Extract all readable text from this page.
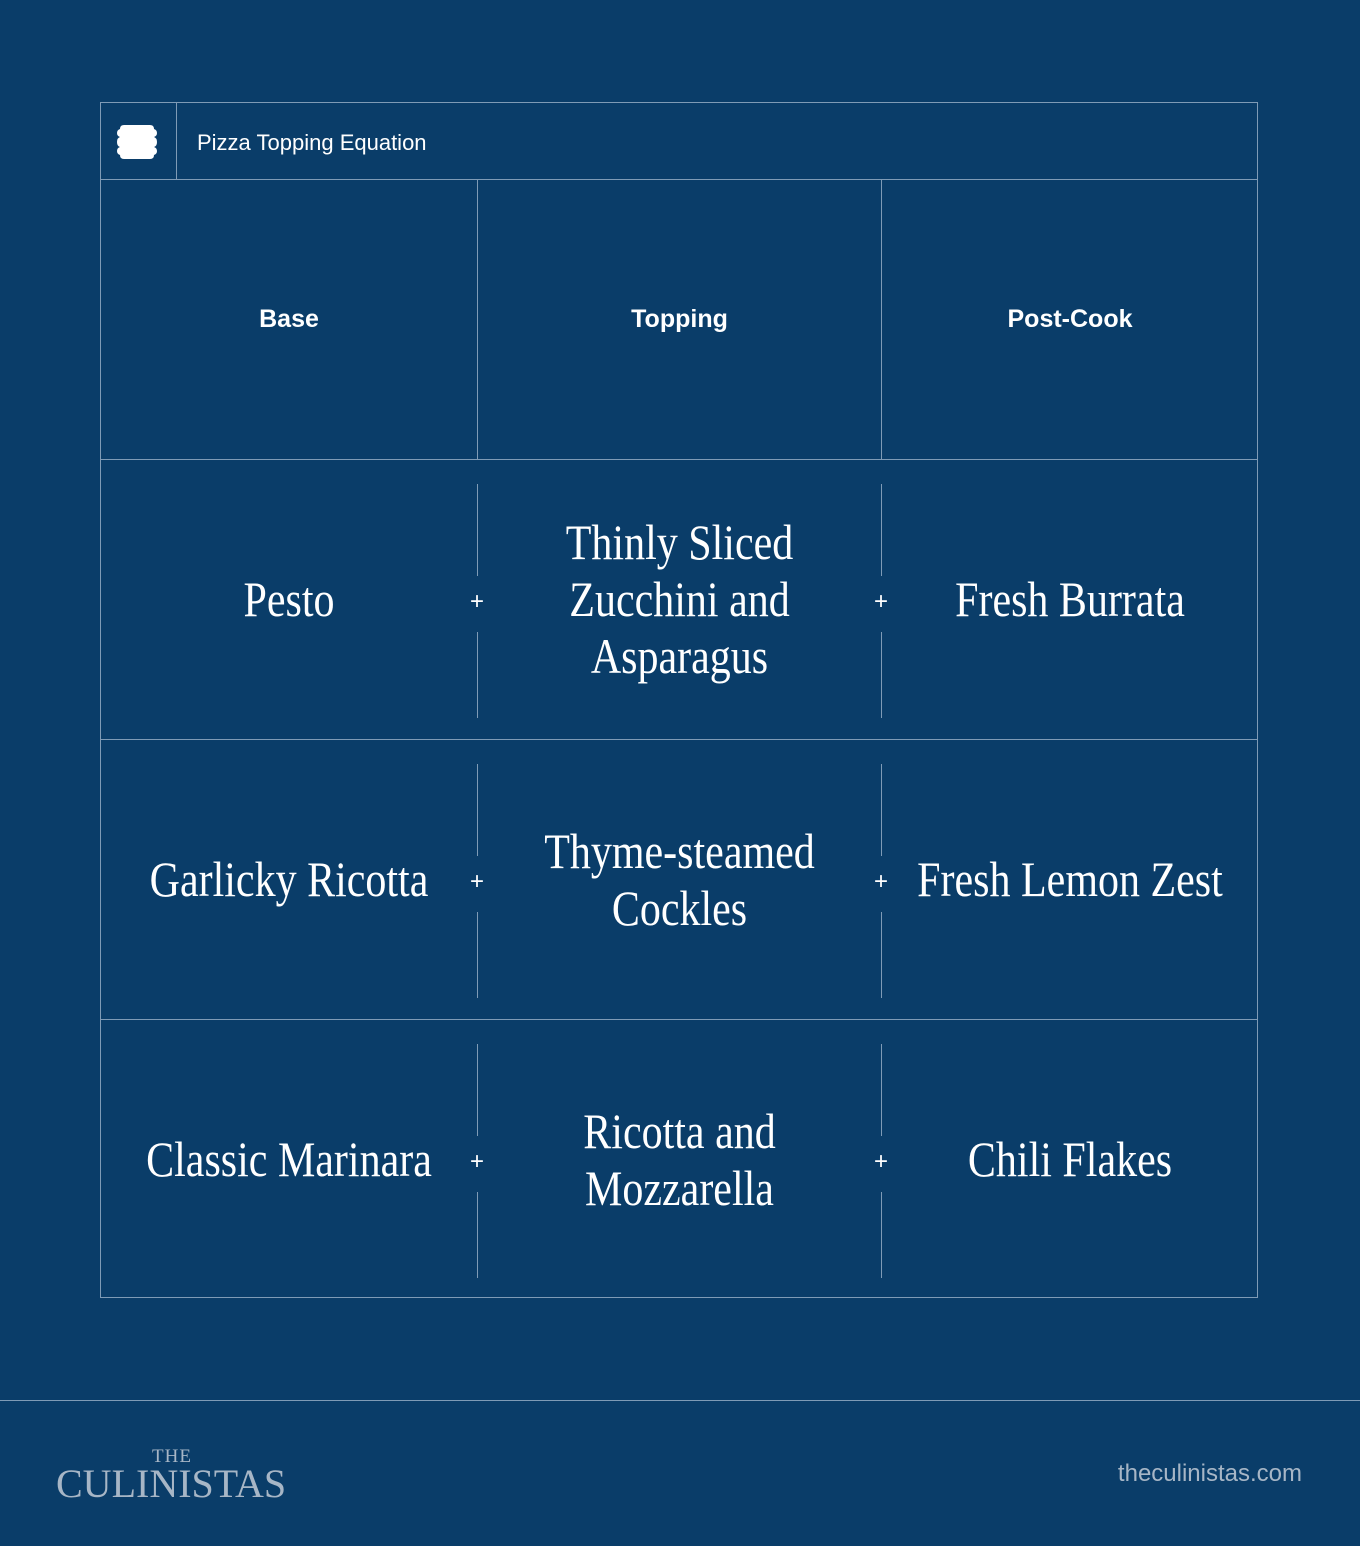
Pizza Topping Equation
Base	Topping	Post-Cook
Pesto	+
Thinly Sliced
Zucchini and
Asparagus
+	Fresh Burrata
Garlicky Ricotta	+
Thyme-steamed
Cockles	+ Fresh Lemon Zest
Classic Marinara	+
Ricotta and
Mozzarella	+	Chili Flakes
THE
CULINISTAS	theculinistas.com
